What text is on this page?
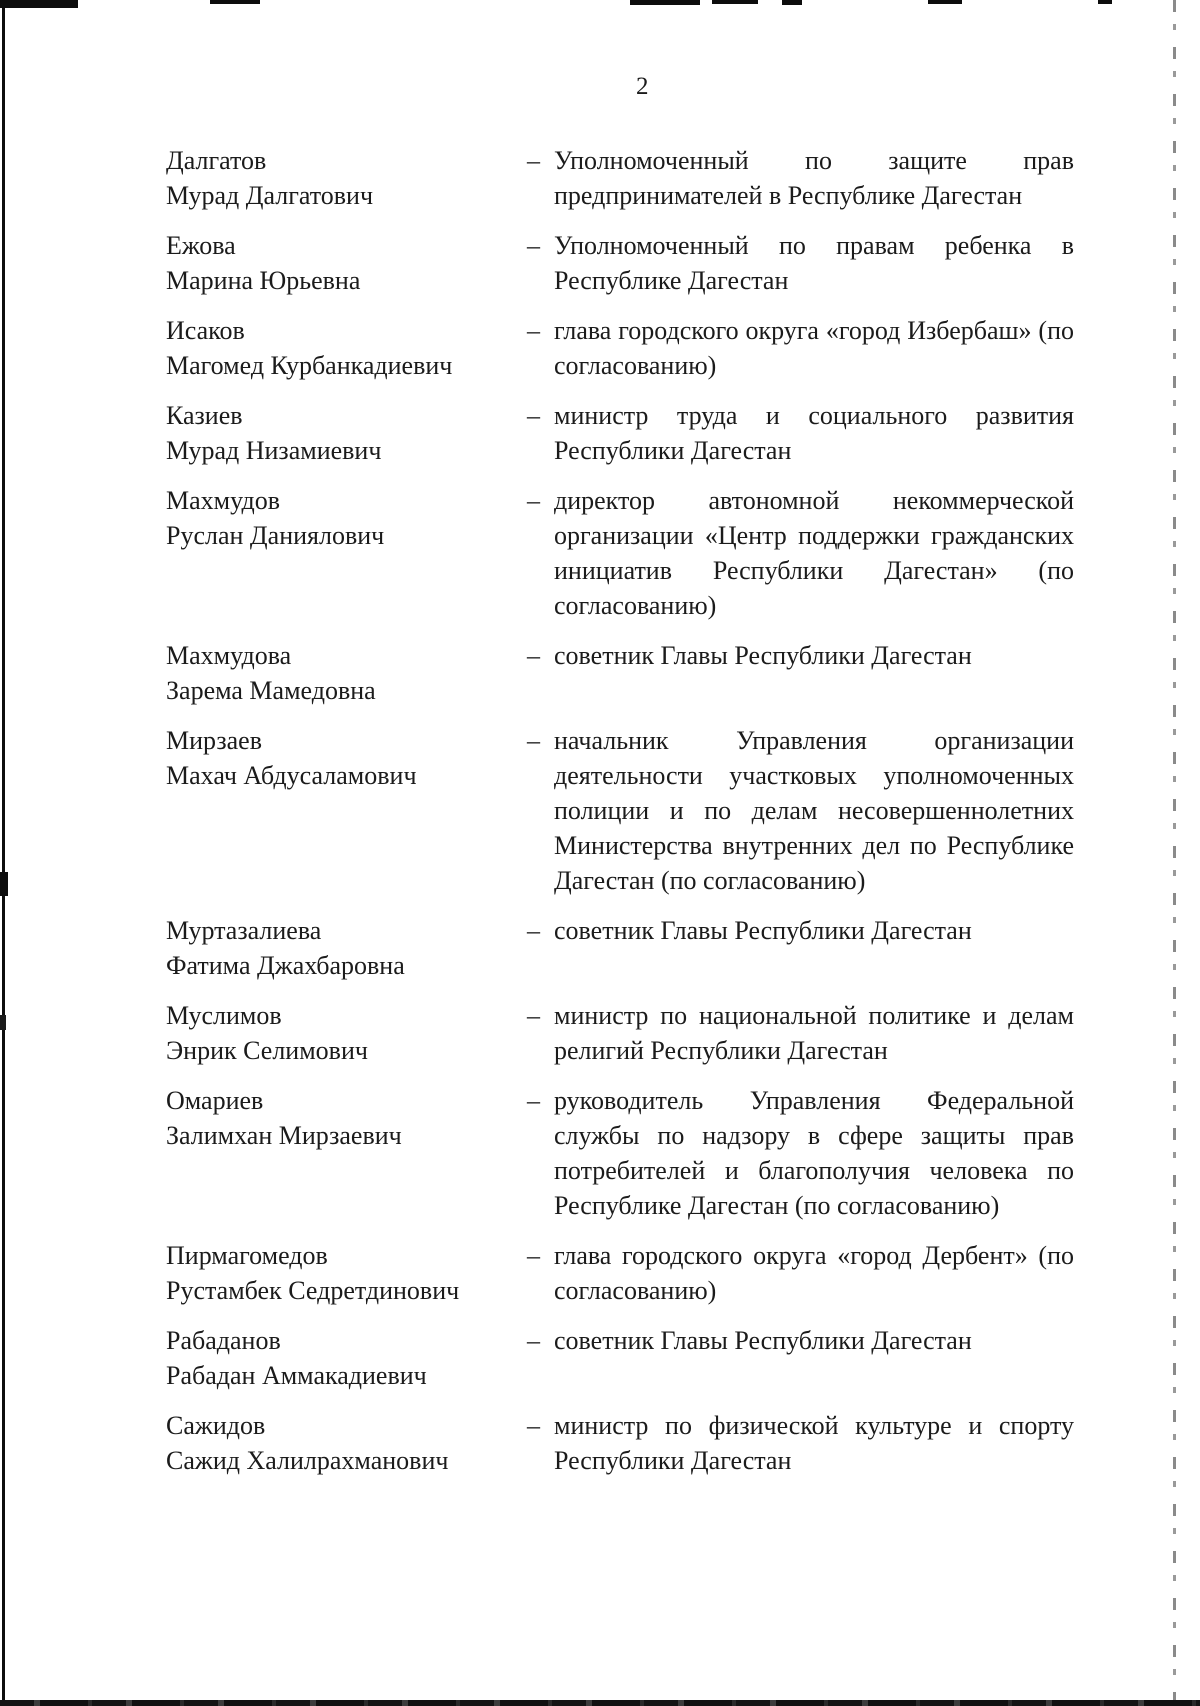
2
Далгатов
Мурад Далгатович
– Уполномоченный по защите прав предпринимателей в Республике Дагестан
Ежова
Марина Юрьевна
– Уполномоченный по правам ребенка в Республике Дагестан
Исаков
Магомед Курбанкадиевич
– глава городского округа «город Избербаш» (по согласованию)
Казиев
Мурад Низамиевич
– министр труда и социального развития Республики Дагестан
Махмудов
Руслан Даниялович
– директор автономной некоммерческой организации «Центр поддержки гражданских инициатив Республики Дагестан» (по согласованию)
Махмудова
Зарема Мамедовна
– советник Главы Республики Дагестан
Мирзаев
Махач Абдусаламович
– начальник Управления организации деятельности участковых уполномоченных полиции и по делам несовершеннолетних Министерства внутренних дел по Республике Дагестан (по согласованию)
Муртазалиева
Фатима Джахбаровна
– советник Главы Республики Дагестан
Муслимов
Энрик Селимович
– министр по национальной политике и делам религий Республики Дагестан
Омариев
Залимхан Мирзаевич
– руководитель Управления Федеральной службы по надзору в сфере защиты прав потребителей и благополучия человека по Республике Дагестан (по согласованию)
Пирмагомедов
Рустамбек Седретдинович
– глава городского округа «город Дербент» (по согласованию)
Рабаданов
Рабадан Аммакадиевич
– советник Главы Республики Дагестан
Сажидов
Сажид Халилрахманович
– министр по физической культуре и спорту Республики Дагестан
